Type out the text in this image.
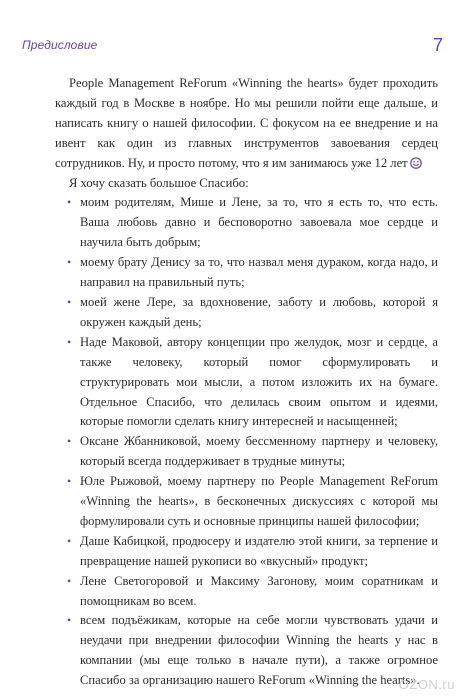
Предисловие	7

People Management ReForum «Winning the hearts» будет проходить каждый год в Москве в ноябре. Но мы решили пойти еще дальше, и написать книгу о нашей философии. С фокусом на ее внедрение и на ивент как один из главных инструментов завоевания сердец сотрудников. Ну, и просто потому, что я им занимаюсь уже 12 лет

Я хочу сказать большое Спасибо:

• моим родителям, Мише и Лене, за то, что я есть то, что есть. Ваша любовь давно и бесповоротно завоевала мое сердце и научила быть добрым;
• моему брату Денису за то, что назвал меня дураком, когда надо, и направил на правильный путь;
• моей жене Лере, за вдохновение, заботу и любовь, которой я окружен каждый день;
• Наде Маковой, автору концепции про желудок, мозг и сердце, а также человеку, который помог сформулировать и структурировать мои мысли, а потом изложить их на бумаге. Отдельное Спасибо, что делилась своим опытом и идеями, которые помогли сделать книгу интересней и насыщенней;
• Оксане Жбанниковой, моему бессменному партнеру и человеку, который всегда поддерживает в трудные минуты;
• Юле Рыжовой, моему партнеру по People Management ReForum «Winning the hearts», в бесконечных дискуссиях с которой мы формулировали суть и основные принципы нашей философии;
• Даше Кабицкой, продюсеру и издателю этой книги, за терпение и превращение нашей рукописи во «вкусный» продукт;
• Лене Светогоровой и Максиму Загонову, моим соратникам и помощникам во всем.
• всем подъёжикам, которые на себе могли чувствовать удачи и неудачи при внедрении философии Winning the hearts у нас в компании (мы еще только в начале пути), а также огромное Спасибо за организацию нашего ReForum «Winning the hearts».
OZON.ru
